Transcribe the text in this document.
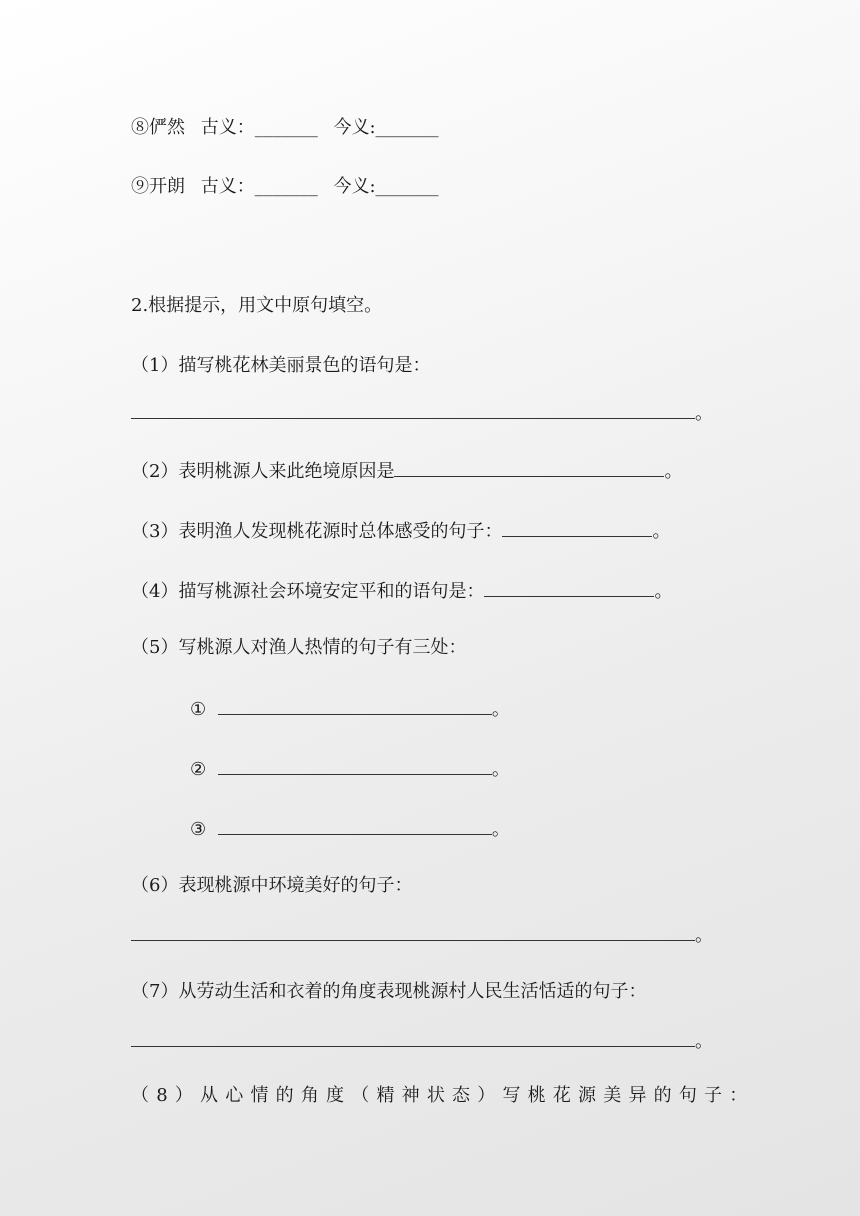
⑧俨然 古义：_______ 今义:_______
⑨开朗 古义：_______ 今义:_______
2.根据提示，用文中原句填空。
（1）描写桃花林美丽景色的语句是：
。
（2）表明桃源人来此绝境原因是	。
（3）表明渔人发现桃花源时总体感受的句子：	。
（4）描写桃源社会环境安定平和的语句是：	。
（5）写桃源人对渔人热情的句子有三处：
①	。
②	。
③	。
（6）表现桃源中环境美好的句子：
。
（7）从劳动生活和衣着的角度表现桃源村人民生活恬适的句子：
。
（8）从心情的角度（精神状态）写桃花源美异的句子：
